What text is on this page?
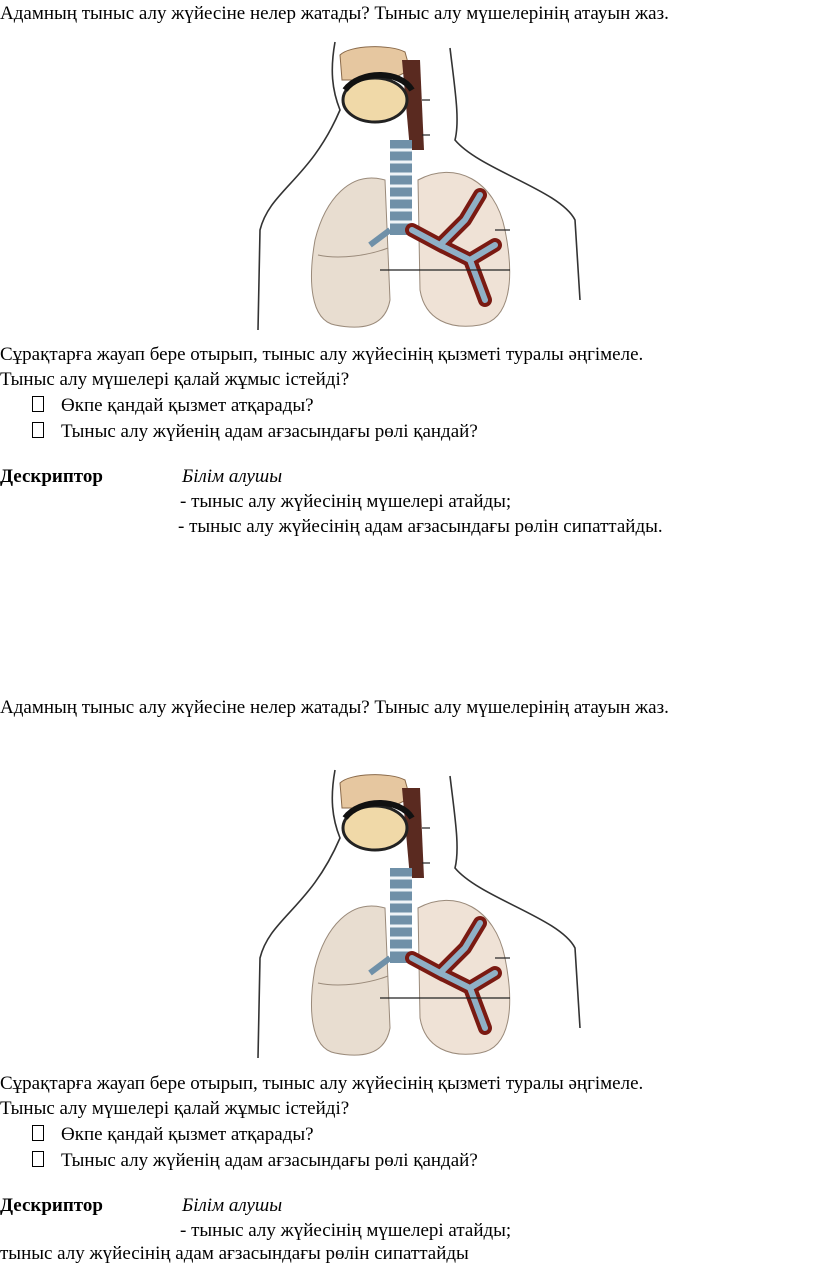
Адамның тыныс алу жүйесіне нелер жатады? Тыныс алу мүшелерінің атауын жаз.
Сұрақтарға жауап бере отырып, тыныс алу жүйесінің қызметі туралы әңгімеле.
Тыныс алу мүшелері қалай жұмыс істейді?
Өкпе қандай қызмет атқарады?
Тыныс алу жүйенің адам ағзасындағы рөлі қандай?
Дескриптор	Білім алушы
- тыныс алу жүйесінің мүшелері атайды;
- тыныс алу жүйесінің адам ағзасындағы рөлін сипаттайды.
Адамның тыныс алу жүйесіне нелер жатады? Тыныс алу мүшелерінің атауын жаз.
Сұрақтарға жауап бере отырып, тыныс алу жүйесінің қызметі туралы әңгімеле.
Тыныс алу мүшелері қалай жұмыс істейді?
Өкпе қандай қызмет атқарады?
Тыныс алу жүйенің адам ағзасындағы рөлі қандай?
Дескриптор	Білім алушы
- тыныс алу жүйесінің мүшелері атайды;
тыныс алу жүйесінің адам ағзасындағы рөлін сипаттайды
